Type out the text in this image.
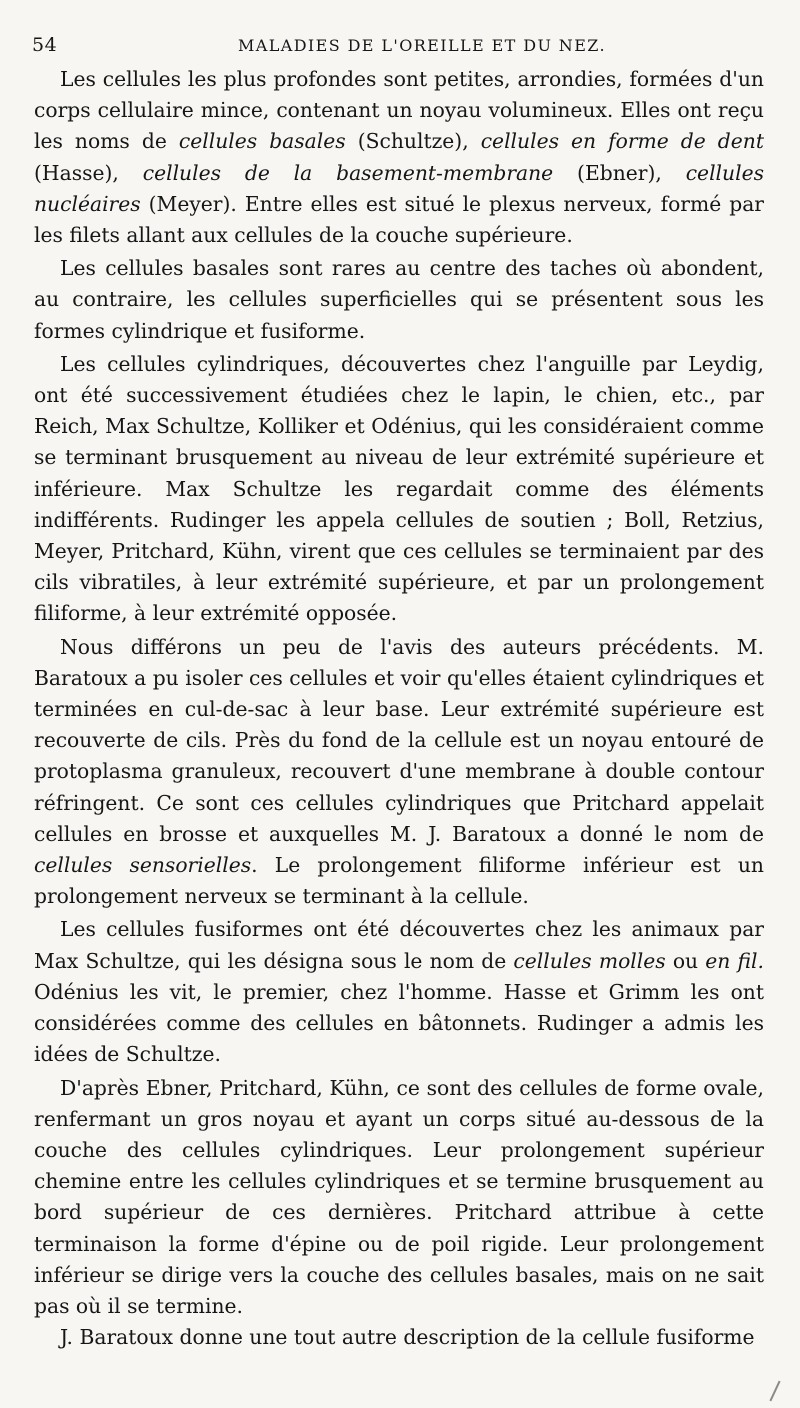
54	MALADIES DE L'OREILLE ET DU NEZ.

Les cellules les plus profondes sont petites, arrondies, formées d'un corps cellulaire mince, contenant un noyau volumineux. Elles ont reçu les noms de cellules basales (Schultze), cellules en forme de dent (Hasse), cellules de la basement-membrane (Ebner), cellules nucléaires (Meyer). Entre elles est situé le plexus nerveux, formé par les filets allant aux cellules de la couche supérieure.

Les cellules basales sont rares au centre des taches où abondent, au contraire, les cellules superficielles qui se présentent sous les formes cylindrique et fusiforme.

Les cellules cylindriques, découvertes chez l'anguille par Leydig, ont été successivement étudiées chez le lapin, le chien, etc., par Reich, Max Schultze, Kolliker et Odénius, qui les considéraient comme se terminant brusquement au niveau de leur extrémité supérieure et inférieure. Max Schultze les regardait comme des éléments indifférents. Rudinger les appela cellules de soutien ; Boll, Retzius, Meyer, Pritchard, Kühn, virent que ces cellules se terminaient par des cils vibratiles, à leur extrémité supérieure, et par un prolongement filiforme, à leur extrémité opposée.

Nous différons un peu de l'avis des auteurs précédents. M. Baratoux a pu isoler ces cellules et voir qu'elles étaient cylindriques et terminées en cul-de-sac à leur base. Leur extrémité supérieure est recouverte de cils. Près du fond de la cellule est un noyau entouré de protoplasma granuleux, recouvert d'une membrane à double contour réfringent. Ce sont ces cellules cylindriques que Pritchard appelait cellules en brosse et auxquelles M. J. Baratoux a donné le nom de cellules sensorielles. Le prolongement filiforme inférieur est un prolongement nerveux se terminant à la cellule.

Les cellules fusiformes ont été découvertes chez les animaux par Max Schultze, qui les désigna sous le nom de cellules molles ou en fil. Odénius les vit, le premier, chez l'homme. Hasse et Grimm les ont considérées comme des cellules en bâtonnets. Rudinger a admis les idées de Schultze.

D'après Ebner, Pritchard, Kühn, ce sont des cellules de forme ovale, renfermant un gros noyau et ayant un corps situé au-dessous de la couche des cellules cylindriques. Leur prolongement supérieur chemine entre les cellules cylindriques et se termine brusquement au bord supérieur de ces dernières. Pritchard attribue à cette terminaison la forme d'épine ou de poil rigide. Leur prolongement inférieur se dirige vers la couche des cellules basales, mais on ne sait pas où il se termine.

J. Baratoux donne une tout autre description de la cellule fusiforme
